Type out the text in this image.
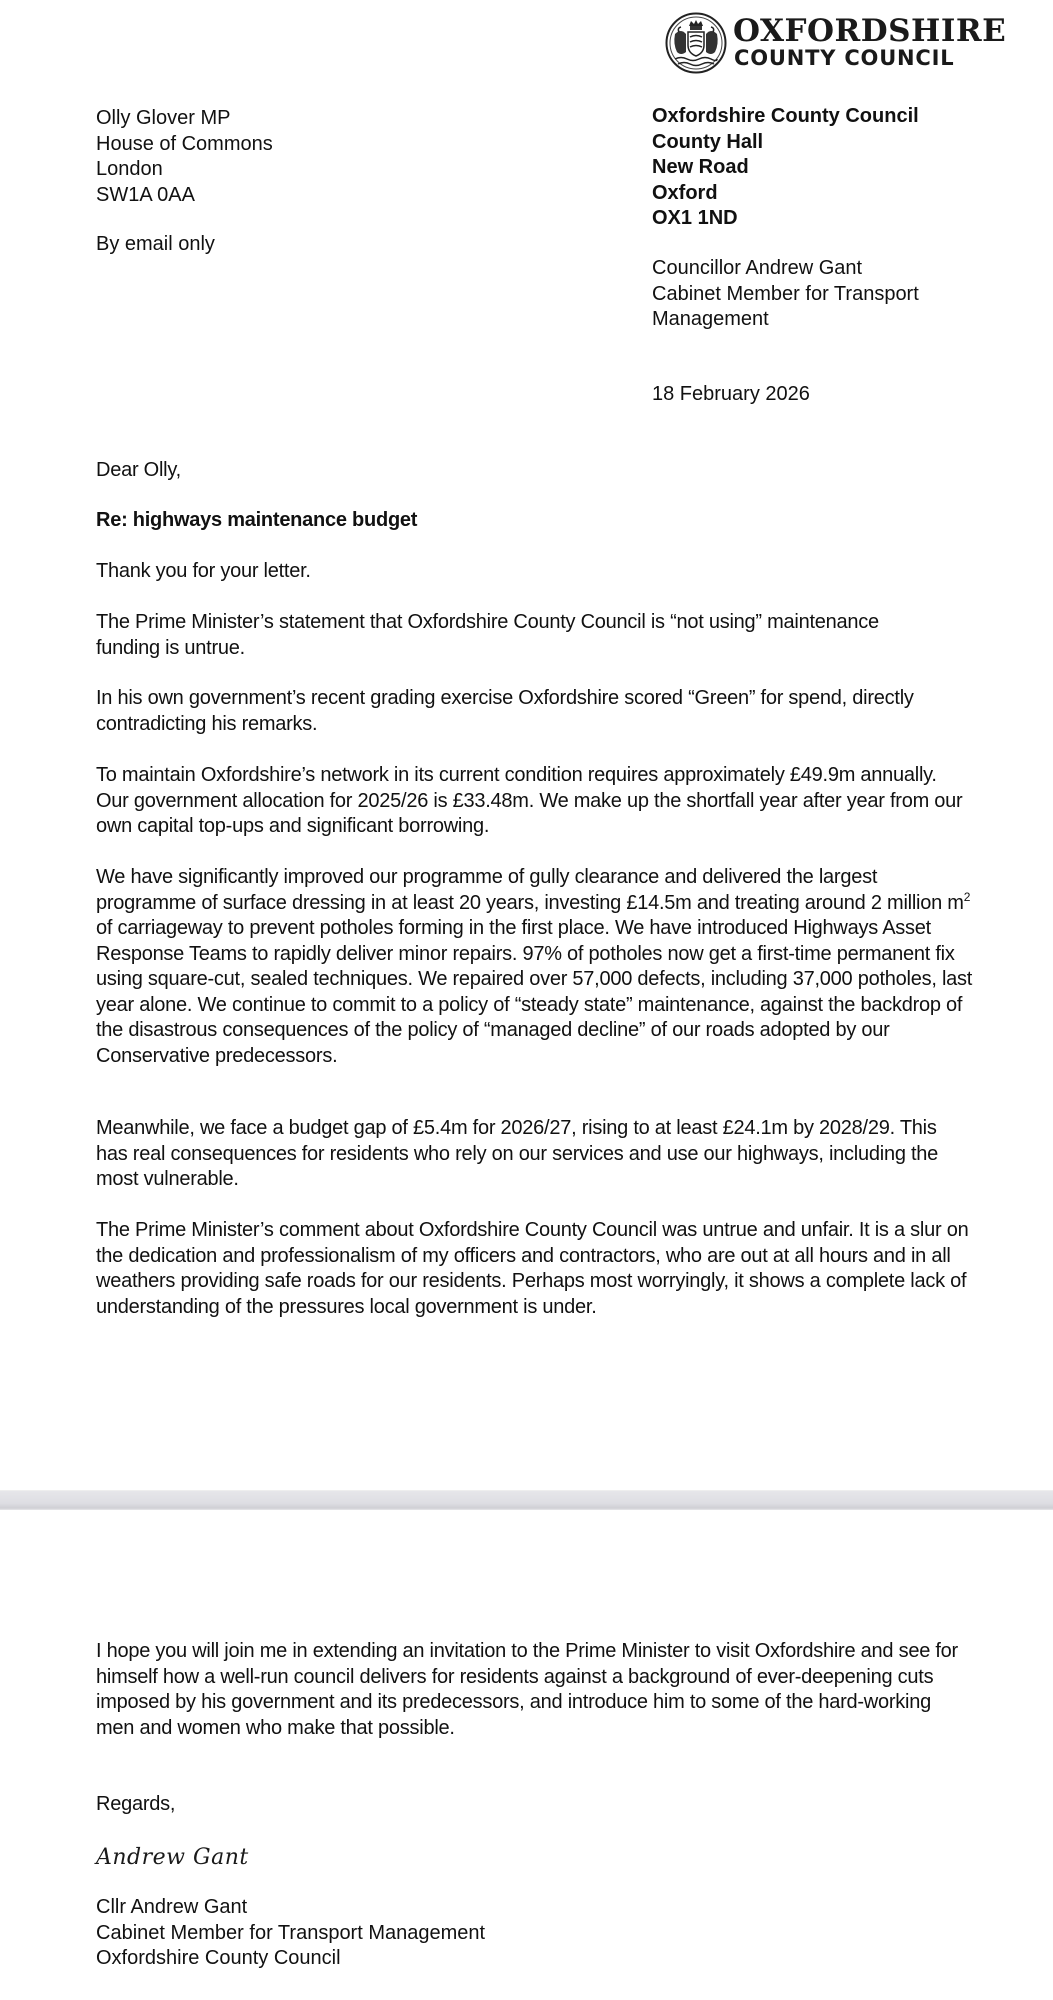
OXFORDSHIRE
COUNTY COUNCIL
Olly Glover MP
House of Commons
London
SW1A 0AA
By email only
Oxfordshire County Council
County Hall
New Road
Oxford
OX1 1ND
Councillor Andrew Gant
Cabinet Member for Transport
Management
18 February 2026

Dear Olly,

Re: highways maintenance budget

Thank you for your letter.

The Prime Minister’s statement that Oxfordshire County Council is “not using” maintenance funding is untrue.

In his own government’s recent grading exercise Oxfordshire scored “Green” for spend, directly contradicting his remarks.

To maintain Oxfordshire’s network in its current condition requires approximately £49.9m annually. Our government allocation for 2025/26 is £33.48m. We make up the shortfall year after year from our own capital top-ups and significant borrowing.

We have significantly improved our programme of gully clearance and delivered the largest programme of surface dressing in at least 20 years, investing £14.5m and treating around 2 million $m^2$ of carriageway to prevent potholes forming in the first place. We have introduced Highways Asset Response Teams to rapidly deliver minor repairs. 97% of potholes now get a first-time permanent fix using square-cut, sealed techniques. We repaired over 57,000 defects, including 37,000 potholes, last year alone. We continue to commit to a policy of “steady state” maintenance, against the backdrop of the disastrous consequences of the policy of “managed decline” of our roads adopted by our Conservative predecessors.

Meanwhile, we face a budget gap of £5.4m for 2026/27, rising to at least £24.1m by 2028/29. This has real consequences for residents who rely on our services and use our highways, including the most vulnerable.

The Prime Minister’s comment about Oxfordshire County Council was untrue and unfair. It is a slur on the dedication and professionalism of my officers and contractors, who are out at all hours and in all weathers providing safe roads for our residents. Perhaps most worryingly, it shows a complete lack of understanding of the pressures local government is under.

I hope you will join me in extending an invitation to the Prime Minister to visit Oxfordshire and see for himself how a well-run council delivers for residents against a background of ever-deepening cuts imposed by his government and its predecessors, and introduce him to some of the hard-working men and women who make that possible.

Regards,

Andrew Gant
Cllr Andrew Gant
Cabinet Member for Transport Management
Oxfordshire County Council
